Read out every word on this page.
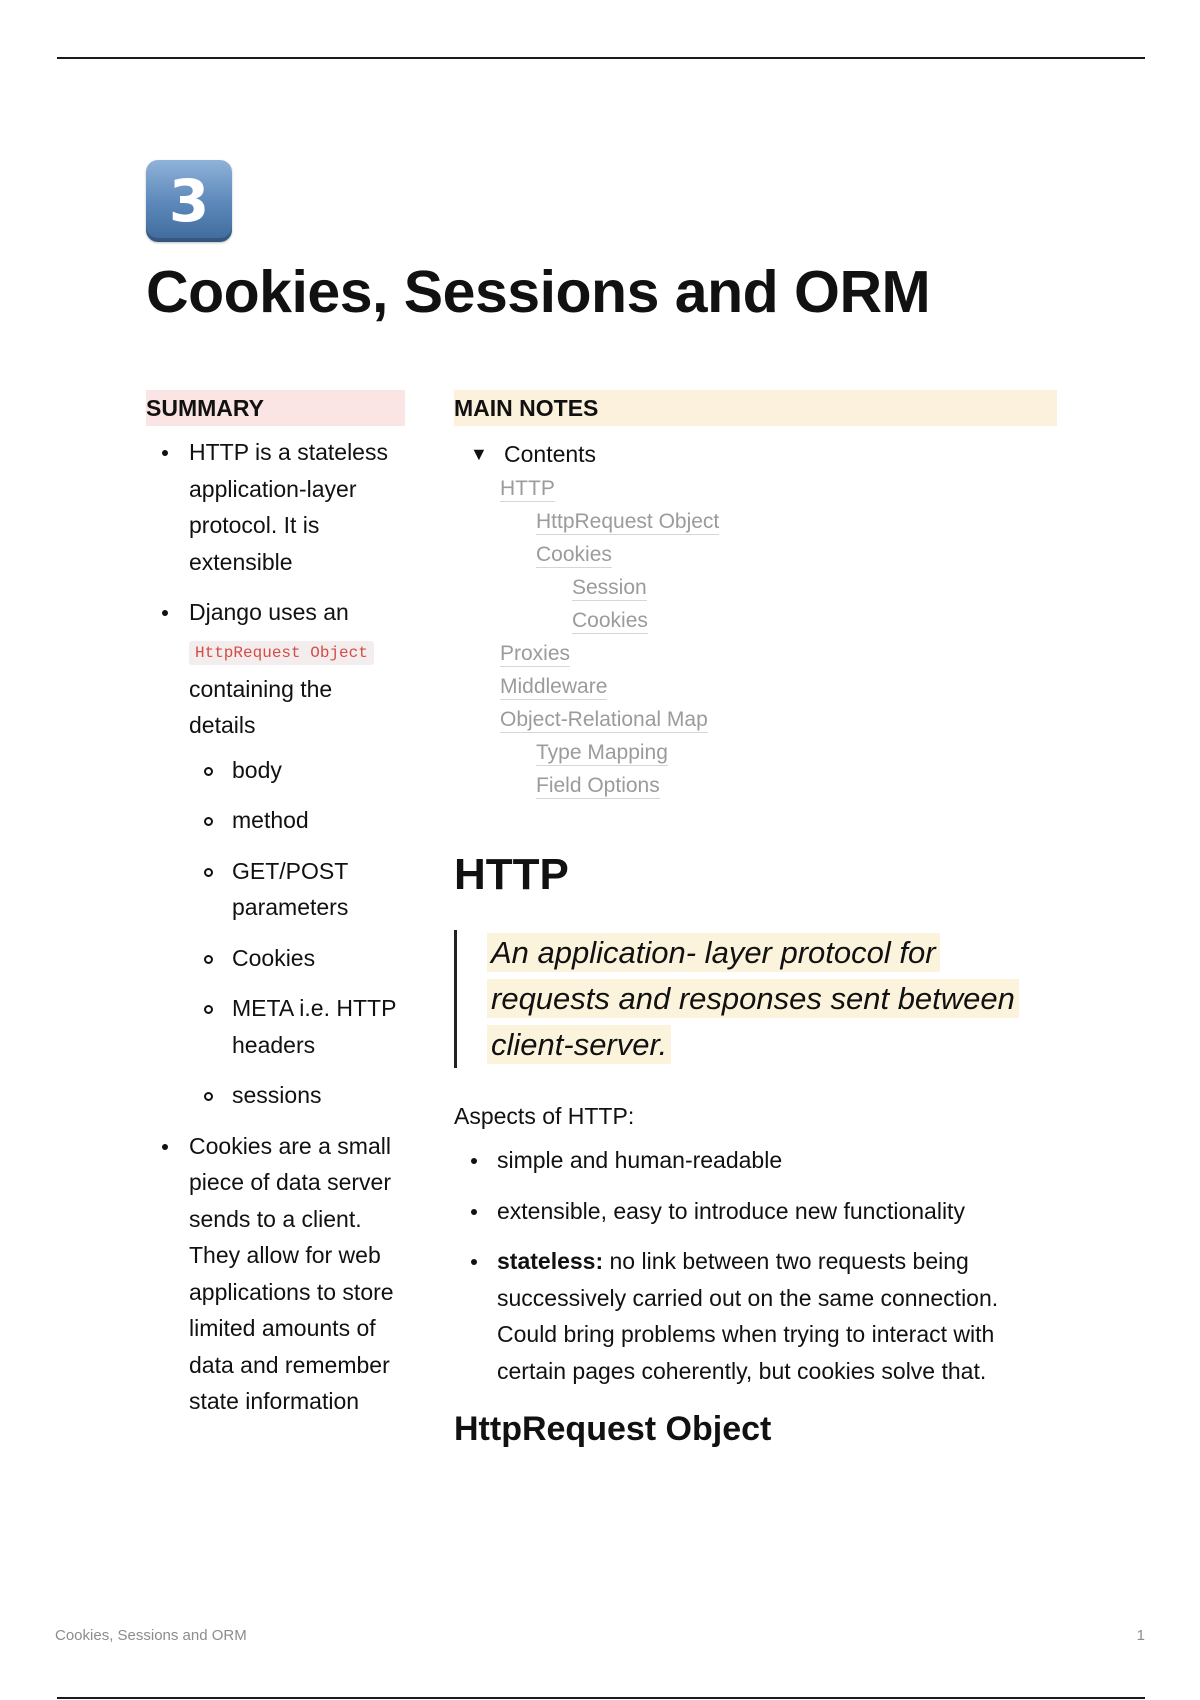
3
Cookies, Sessions and ORM
SUMMARY
HTTP is a stateless application-layer protocol. It is extensible
Django uses an HttpRequest Object containing the details
body
method
GET/POST parameters
Cookies
META i.e. HTTP headers
sessions
Cookies are a small piece of data server sends to a client. They allow for web applications to store limited amounts of data and remember state information
MAIN NOTES
▼ Contents
HTTP
HttpRequest Object
Cookies
Session
Cookies
Proxies
Middleware
Object-Relational Map
Type Mapping
Field Options
HTTP
An application- layer protocol for requests and responses sent between client-server.
Aspects of HTTP:
simple and human-readable
extensible, easy to introduce new functionality
stateless: no link between two requests being successively carried out on the same connection. Could bring problems when trying to interact with certain pages coherently, but cookies solve that.
HttpRequest Object
Cookies, Sessions and ORM	1
